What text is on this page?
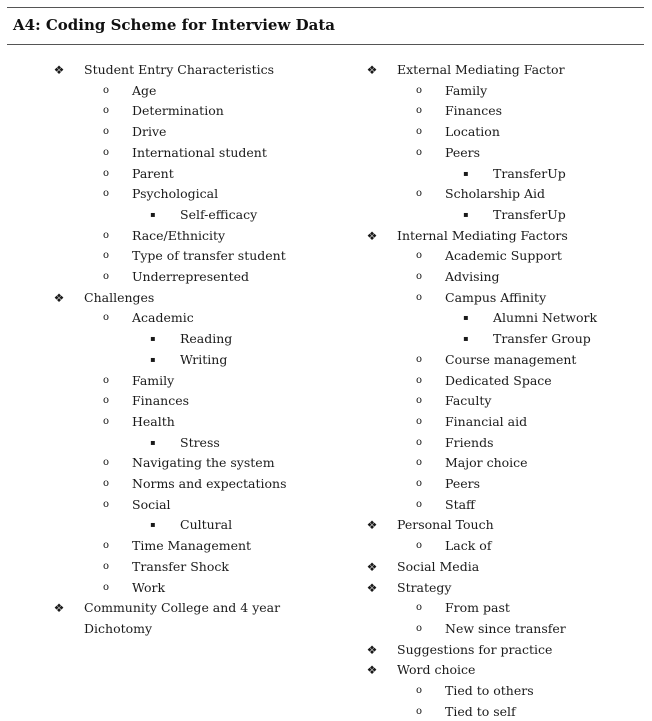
A4: Coding Scheme for Interview Data
❖ Student Entry Characteristics
o	Age
o	Determination
o	Drive
o	International student
o	Parent
o	Psychological
▪	Self-efficacy
o	Race/Ethnicity
o	Type of transfer student
o	Underrepresented
❖ Challenges
o	Academic
▪	Reading
▪	Writing
o	Family
o	Finances
o	Health
▪	Stress
o	Navigating the system
o	Norms and expectations
o	Social
▪	Cultural
o	Time Management
o	Transfer Shock
o	Work
❖ Community College and 4 year
Dichotomy
❖ External Mediating Factor
o	Family
o	Finances
o	Location
o	Peers
▪	TransferUp
o	Scholarship Aid
▪	TransferUp
❖ Internal Mediating Factors
o	Academic Support
o	Advising
o	Campus Affinity
▪	Alumni Network
▪	Transfer Group
o	Course management
o	Dedicated Space
o	Faculty
o	Financial aid
o	Friends
o	Major choice
o	Peers
o	Staff
❖ Personal Touch
o	Lack of
❖ Social Media
❖ Strategy
o	From past
o	New since transfer
❖ Suggestions for practice
❖ Word choice
o	Tied to others
o	Tied to self
